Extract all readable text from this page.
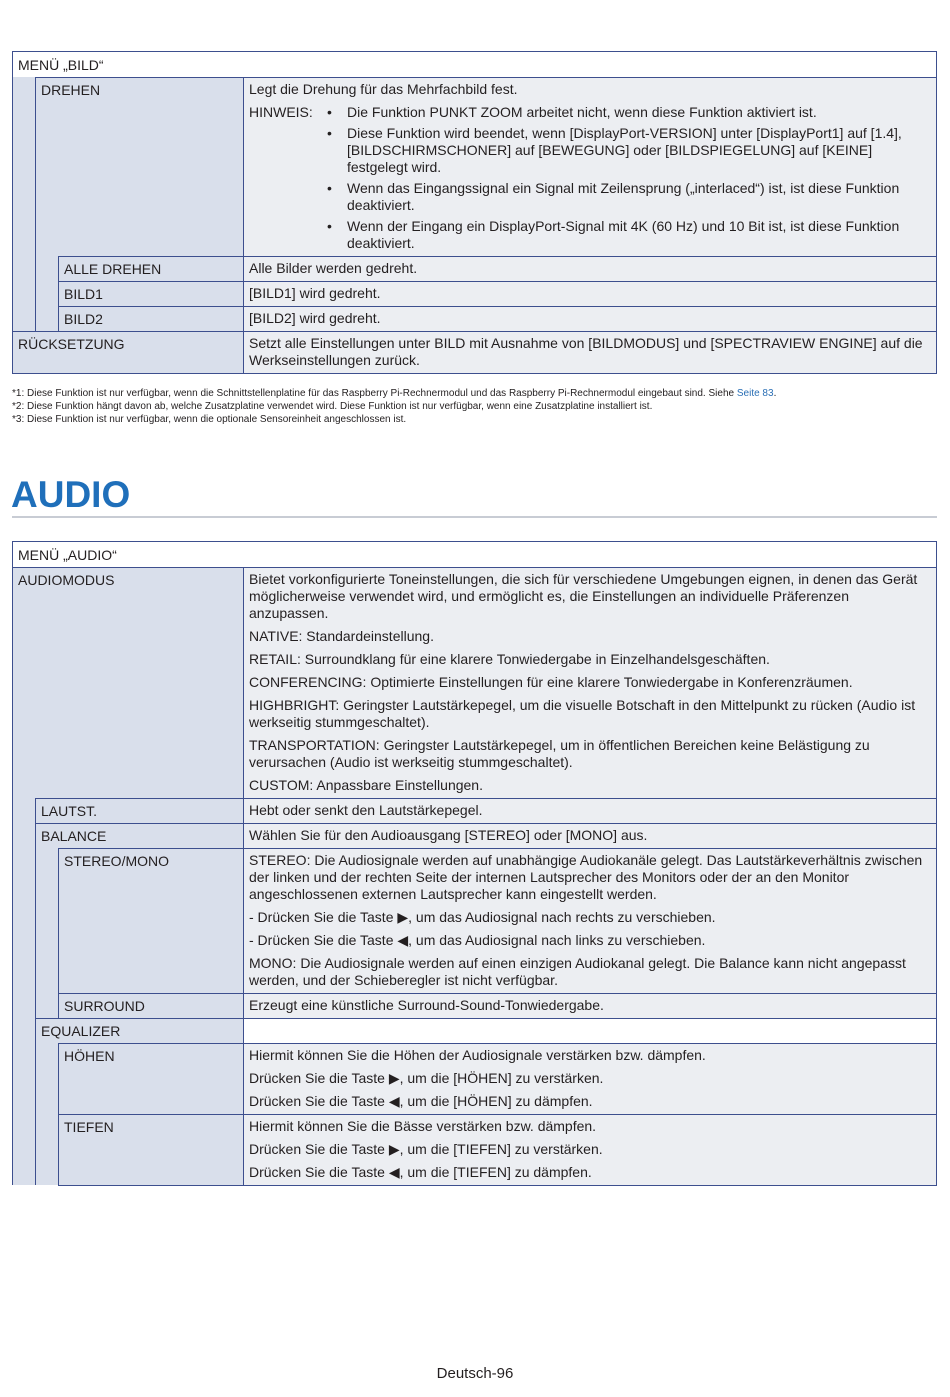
MENÜ „BILD“
DREHEN	Legt die Drehung für das Mehrfachbild fest.

HINWEIS:	•	Die Funktion PUNKT ZOOM arbeitet nicht, wenn diese Funktion aktiviert ist.
•	Diese Funktion wird beendet, wenn [DisplayPort-VERSION] unter [DisplayPort1] auf [1.4], [BILDSCHIRMSCHONER] auf [BEWEGUNG] oder [BILDSPIEGELUNG] auf [KEINE] festgelegt wird.
•	Wenn das Eingangssignal ein Signal mit Zeilensprung („interlaced“) ist, ist diese Funktion deaktiviert.
•	Wenn der Eingang ein DisplayPort-Signal mit 4K (60 Hz) und 10 Bit ist, ist diese Funktion deaktiviert.
ALLE DREHEN	Alle Bilder werden gedreht.
BILD1	[BILD1] wird gedreht.
BILD2	[BILD2] wird gedreht.
RÜCKSETZUNG	Setzt alle Einstellungen unter BILD mit Ausnahme von [BILDMODUS] und [SPECTRAVIEW ENGINE] auf die Werkseinstellungen zurück.
*1: Diese Funktion ist nur verfügbar, wenn die Schnittstellenplatine für das Raspberry Pi-Rechnermodul und das Raspberry Pi-Rechnermodul eingebaut sind. Siehe Seite 83.
*2: Diese Funktion hängt davon ab, welche Zusatzplatine verwendet wird. Diese Funktion ist nur verfügbar, wenn eine Zusatzplatine installiert ist.
*3: Diese Funktion ist nur verfügbar, wenn die optionale Sensoreinheit angeschlossen ist.
AUDIO
MENÜ „AUDIO“
AUDIOMODUS	Bietet vorkonfigurierte Toneinstellungen, die sich für verschiedene Umgebungen eignen, in denen das Gerät möglicherweise verwendet wird, und ermöglicht es, die Einstellungen an individuelle Präferenzen anzupassen.

NATIVE: Standardeinstellung.

RETAIL: Surroundklang für eine klarere Tonwiedergabe in Einzelhandelsgeschäften.

CONFERENCING: Optimierte Einstellungen für eine klarere Tonwiedergabe in Konferenzräumen.

HIGHBRIGHT: Geringster Lautstärkepegel, um die visuelle Botschaft in den Mittelpunkt zu rücken (Audio ist werkseitig stummgeschaltet).

TRANSPORTATION: Geringster Lautstärkepegel, um in öffentlichen Bereichen keine Belästigung zu verursachen (Audio ist werkseitig stummgeschaltet).

CUSTOM: Anpassbare Einstellungen.

LAUTST.	Hebt oder senkt den Lautstärkepegel.
BALANCE	Wählen Sie für den Audioausgang [STEREO] oder [MONO] aus.
STEREO/MONO	STEREO: Die Audiosignale werden auf unabhängige Audiokanäle gelegt. Das Lautstärkeverhältnis zwischen der linken und der rechten Seite der internen Lautsprecher des Monitors oder der an den Monitor angeschlossenen externen Lautsprecher kann eingestellt werden.

- Drücken Sie die Taste ▶, um das Audiosignal nach rechts zu verschieben.

- Drücken Sie die Taste ◀, um das Audiosignal nach links zu verschieben.

MONO: Die Audiosignale werden auf einen einzigen Audiokanal gelegt. Die Balance kann nicht angepasst werden, und der Schieberegler ist nicht verfügbar.

SURROUND	Erzeugt eine künstliche Surround-Sound-Tonwiedergabe.
EQUALIZER
HÖHEN	Hiermit können Sie die Höhen der Audiosignale verstärken bzw. dämpfen.

Drücken Sie die Taste ▶, um die [HÖHEN] zu verstärken.

Drücken Sie die Taste ◀, um die [HÖHEN] zu dämpfen.

TIEFEN	Hiermit können Sie die Bässe verstärken bzw. dämpfen.

Drücken Sie die Taste ▶, um die [TIEFEN] zu verstärken.

Drücken Sie die Taste ◀, um die [TIEFEN] zu dämpfen.

Deutsch-96
